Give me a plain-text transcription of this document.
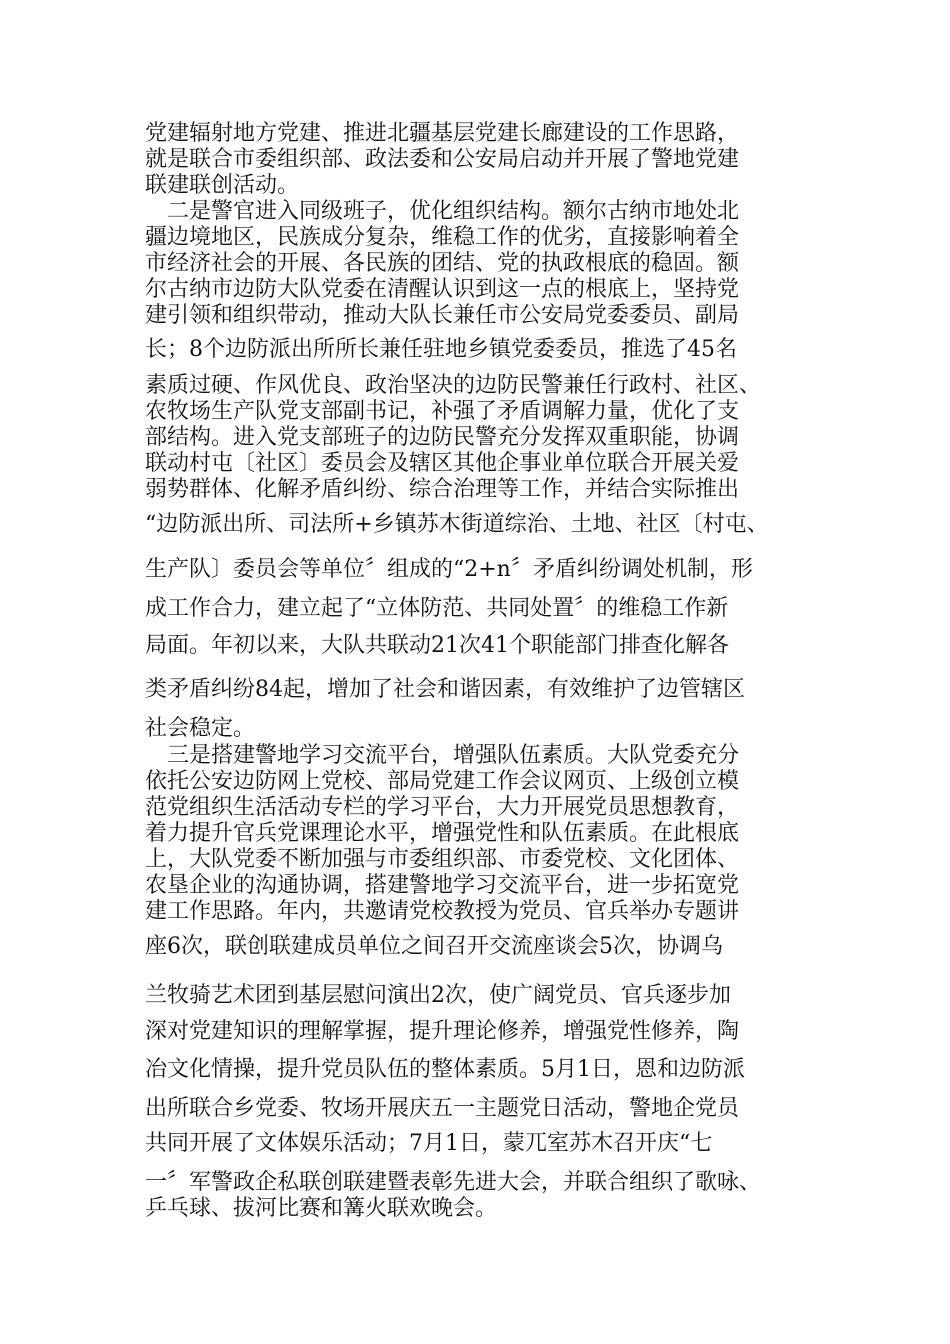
党建辐射地方党建、推进北疆基层党建长廊建设的工作思路，

就是联合市委组织部、政法委和公安局启动并开展了警地党建

联建联创活动。

　二是警官进入同级班子，优化组织结构。额尔古纳市地处北

疆边境地区，民族成分复杂，维稳工作的优劣，直接影响着全

市经济社会的开展、各民族的团结、党的执政根底的稳固。额

尔古纳市边防大队党委在清醒认识到这一点的根底上，坚持党

建引领和组织带动，推动大队长兼任市公安局党委委员、副局

长；8个边防派出所所长兼任驻地乡镇党委委员，推选了45名

素质过硬、作风优良、政治坚决的边防民警兼任行政村、社区、

农牧场生产队党支部副书记，补强了矛盾调解力量，优化了支

部结构。进入党支部班子的边防民警充分发挥双重职能，协调

联动村屯〔社区〕委员会及辖区其他企事业单位联合开展关爱

弱势群体、化解矛盾纠纷、综合治理等工作，并结合实际推出

“边防派出所、司法所+乡镇苏木街道综治、土地、社区〔村屯、

生产队〕委员会等单位〞组成的“2+n〞矛盾纠纷调处机制，形

成工作合力，建立起了“立体防范、共同处置〞的维稳工作新

局面。年初以来，大队共联动21次41个职能部门排查化解各

类矛盾纠纷84起，增加了社会和谐因素，有效维护了边管辖区

社会稳定。

　三是搭建警地学习交流平台，增强队伍素质。大队党委充分

依托公安边防网上党校、部局党建工作会议网页、上级创立模

范党组织生活活动专栏的学习平台，大力开展党员思想教育，

着力提升官兵党课理论水平，增强党性和队伍素质。在此根底

上，大队党委不断加强与市委组织部、市委党校、文化团体、

农垦企业的沟通协调，搭建警地学习交流平台，进一步拓宽党

建工作思路。年内，共邀请党校教授为党员、官兵举办专题讲

座6次，联创联建成员单位之间召开交流座谈会5次，协调乌

兰牧骑艺术团到基层慰问演出2次，使广阔党员、官兵逐步加

深对党建知识的理解掌握，提升理论修养，增强党性修养，陶

冶文化情操，提升党员队伍的整体素质。5月1日，恩和边防派

出所联合乡党委、牧场开展庆五一主题党日活动，警地企党员

共同开展了文体娱乐活动；7月1日，蒙兀室苏木召开庆“七

一〞军警政企私联创联建暨表彰先进大会，并联合组织了歌咏、

乒乓球、拔河比赛和篝火联欢晚会。
